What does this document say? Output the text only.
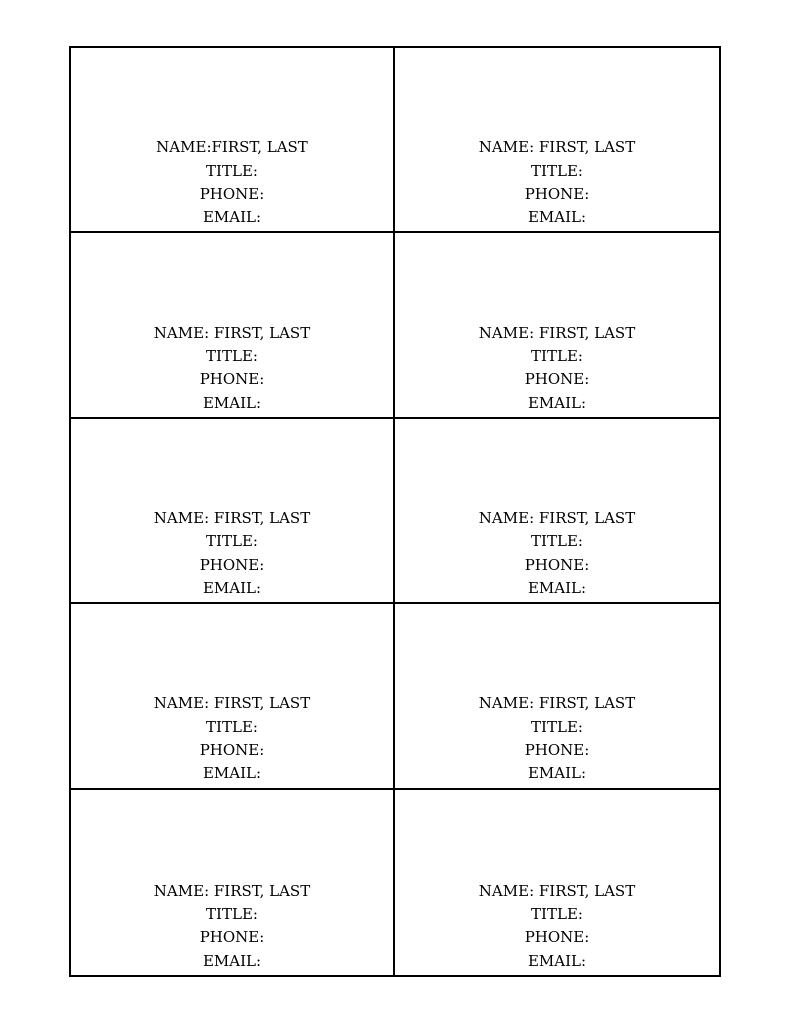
NAME:FIRST, LAST
TITLE:
PHONE:
EMAIL:
NAME: FIRST, LAST
TITLE:
PHONE:
EMAIL:
NAME: FIRST, LAST
TITLE:
PHONE:
EMAIL:
NAME: FIRST, LAST
TITLE:
PHONE:
EMAIL:
NAME: FIRST, LAST
TITLE:
PHONE:
EMAIL:
NAME: FIRST, LAST
TITLE:
PHONE:
EMAIL:
NAME: FIRST, LAST
TITLE:
PHONE:
EMAIL:
NAME: FIRST, LAST
TITLE:
PHONE:
EMAIL:
NAME: FIRST, LAST
TITLE:
PHONE:
EMAIL:
NAME: FIRST, LAST
TITLE:
PHONE:
EMAIL:
